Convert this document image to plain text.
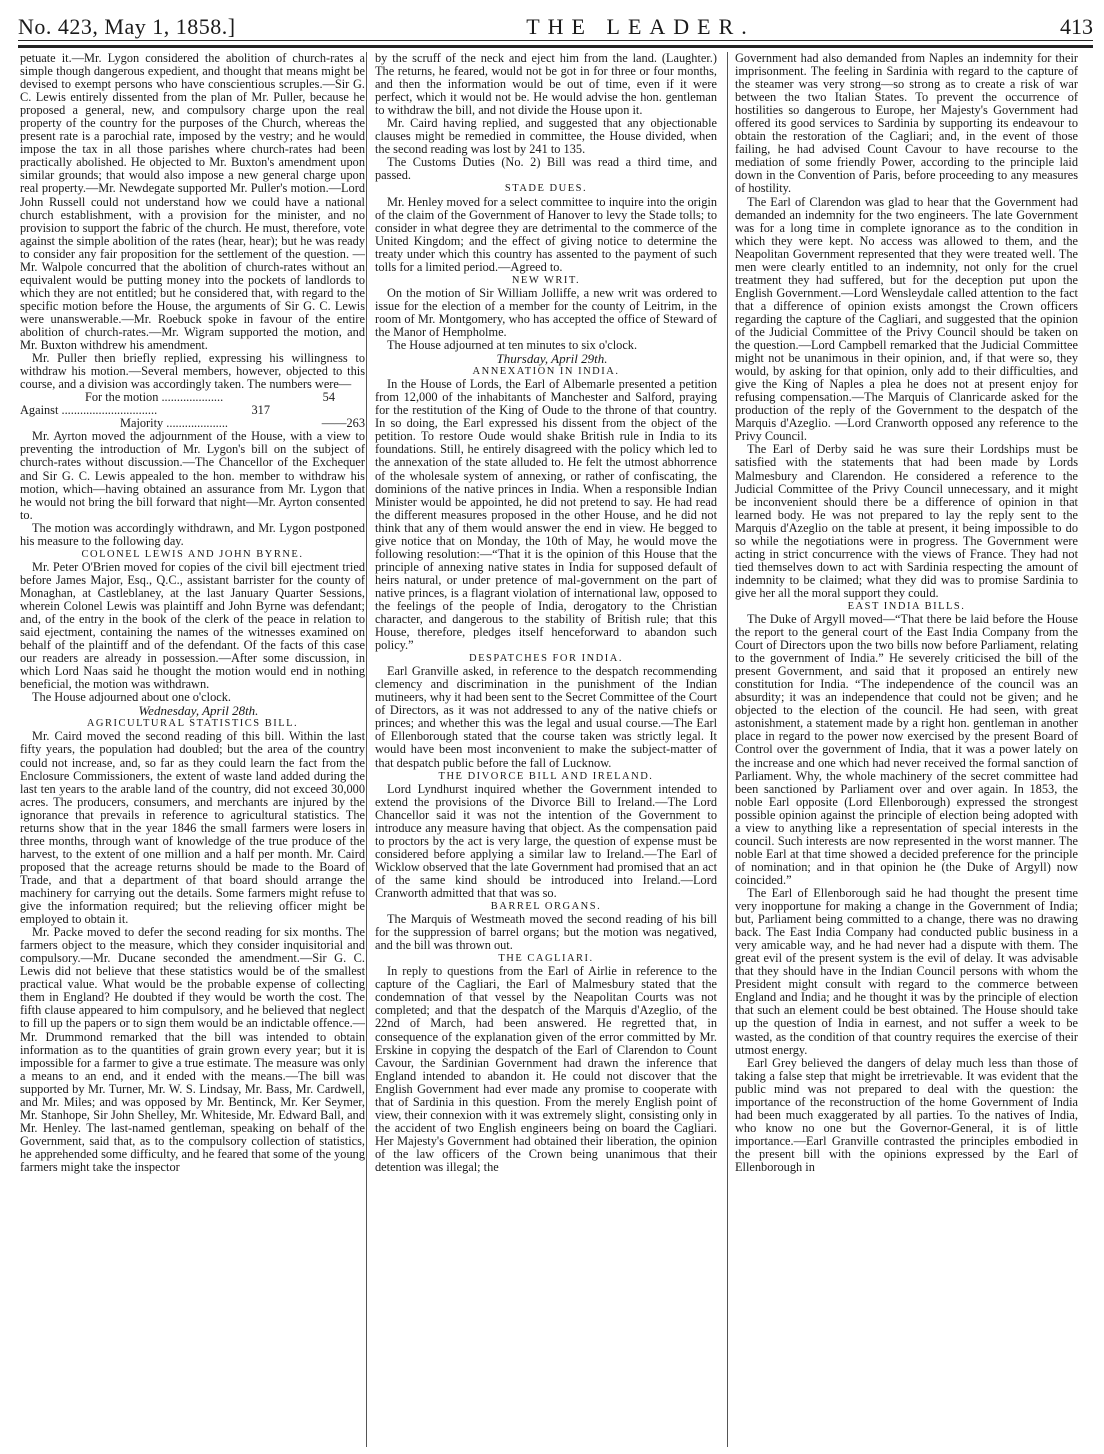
No. 423, May 1, 1858.]	THE LEADER.	413

petuate it.—Mr. Lygon considered the abolition of church-rates a simple though dangerous expedient, and thought that means might be devised to exempt persons who have conscientious scruples.—Sir G. C. Lewis entirely dissented from the plan of Mr. Puller, because he proposed a general, new, and compulsory charge upon the real property of the country for the purposes of the Church, whereas the present rate is a parochial rate, imposed by the vestry; and he would impose the tax in all those parishes where church-rates had been practically abolished. He objected to Mr. Buxton's amendment upon similar grounds; that would also impose a new general charge upon real property.—Mr. Newdegate supported Mr. Puller's motion.—Lord John Russell could not understand how we could have a national church establishment, with a provision for the minister, and no provision to support the fabric of the church. He must, therefore, vote against the simple abolition of the rates (hear, hear); but he was ready to consider any fair proposition for the settlement of the question. —Mr. Walpole concurred that the abolition of church-rates without an equivalent would be putting money into the pockets of landlords to which they are not entitled; but he considered that, with regard to the specific motion before the House, the arguments of Sir G. C. Lewis were unanswerable.—Mr. Roebuck spoke in favour of the entire abolition of church-rates.—Mr. Wigram supported the motion, and Mr. Buxton withdrew his amendment.

Mr. Puller then briefly replied, expressing his willingness to withdraw his motion.—Several members, however, objected to this course, and a division was accordingly taken. The numbers were—

For the motion ....................	54
Against ...............................	317
Majority ....................	——263

Mr. Ayrton moved the adjournment of the House, with a view to preventing the introduction of Mr. Lygon's bill on the subject of church-rates without discussion.—The Chancellor of the Exchequer and Sir G. C. Lewis appealed to the hon. member to withdraw his motion, which—having obtained an assurance from Mr. Lygon that he would not bring the bill forward that night—Mr. Ayrton consented to.

The motion was accordingly withdrawn, and Mr. Lygon postponed his measure to the following day.

COLONEL LEWIS AND JOHN BYRNE.

Mr. Peter O'Brien moved for copies of the civil bill ejectment tried before James Major, Esq., Q.C., assistant barrister for the county of Monaghan, at Castleblaney, at the last January Quarter Sessions, wherein Colonel Lewis was plaintiff and John Byrne was defendant; and, of the entry in the book of the clerk of the peace in relation to said ejectment, containing the names of the witnesses examined on behalf of the plaintiff and of the defendant. Of the facts of this case our readers are already in possession.—After some discussion, in which Lord Naas said he thought the motion would end in nothing beneficial, the motion was withdrawn.

The House adjourned about one o'clock.

Wednesday, April 28th.

AGRICULTURAL STATISTICS BILL.

Mr. Caird moved the second reading of this bill. Within the last fifty years, the population had doubled; but the area of the country could not increase, and, so far as they could learn the fact from the Enclosure Commissioners, the extent of waste land added during the last ten years to the arable land of the country, did not exceed 30,000 acres. The producers, consumers, and merchants are injured by the ignorance that prevails in reference to agricultural statistics. The returns show that in the year 1846 the small farmers were losers in three months, through want of knowledge of the true produce of the harvest, to the extent of one million and a half per month. Mr. Caird proposed that the acreage returns should be made to the Board of Trade, and that a department of that board should arrange the machinery for carrying out the details. Some farmers might refuse to give the information required; but the relieving officer might be employed to obtain it.

Mr. Packe moved to defer the second reading for six months. The farmers object to the measure, which they consider inquisitorial and compulsory.—Mr. Ducane seconded the amendment.—Sir G. C. Lewis did not believe that these statistics would be of the smallest practical value. What would be the probable expense of collecting them in England? He doubted if they would be worth the cost. The fifth clause appeared to him compulsory, and he believed that neglect to fill up the papers or to sign them would be an indictable offence.—Mr. Drummond remarked that the bill was intended to obtain information as to the quantities of grain grown every year; but it is impossible for a farmer to give a true estimate. The measure was only a means to an end, and it ended with the means.—The bill was supported by Mr. Turner, Mr. W. S. Lindsay, Mr. Bass, Mr. Cardwell, and Mr. Miles; and was opposed by Mr. Bentinck, Mr. Ker Seymer, Mr. Stanhope, Sir John Shelley, Mr. Whiteside, Mr. Edward Ball, and Mr. Henley. The last-named gentleman, speaking on behalf of the Government, said that, as to the compulsory collection of statistics, he apprehended some difficulty, and he feared that some of the young farmers might take the inspector

by the scruff of the neck and eject him from the land. (Laughter.) The returns, he feared, would not be got in for three or four months, and then the information would be out of time, even if it were perfect, which it would not be. He would advise the hon. gentleman to withdraw the bill, and not divide the House upon it.

Mr. Caird having replied, and suggested that any objectionable clauses might be remedied in committee, the House divided, when the second reading was lost by 241 to 135.

The Customs Duties (No. 2) Bill was read a third time, and passed.

STADE DUES.

Mr. Henley moved for a select committee to inquire into the origin of the claim of the Government of Hanover to levy the Stade tolls; to consider in what degree they are detrimental to the commerce of the United Kingdom; and the effect of giving notice to determine the treaty under which this country has assented to the payment of such tolls for a limited period.—Agreed to.

NEW WRIT.

On the motion of Sir William Jolliffe, a new writ was ordered to issue for the election of a member for the county of Leitrim, in the room of Mr. Montgomery, who has accepted the office of Steward of the Manor of Hempholme.

The House adjourned at ten minutes to six o'clock.

Thursday, April 29th.

ANNEXATION IN INDIA.

In the House of Lords, the Earl of Albemarle presented a petition from 12,000 of the inhabitants of Manchester and Salford, praying for the restitution of the King of Oude to the throne of that country. In so doing, the Earl expressed his dissent from the object of the petition. To restore Oude would shake British rule in India to its foundations. Still, he entirely disagreed with the policy which led to the annexation of the state alluded to. He felt the utmost abhorrence of the wholesale system of annexing, or rather of confiscating, the dominions of the native princes in India. When a responsible Indian Minister would be appointed, he did not pretend to say. He had read the different measures proposed in the other House, and he did not think that any of them would answer the end in view. He begged to give notice that on Monday, the 10th of May, he would move the following resolution:—“That it is the opinion of this House that the principle of annexing native states in India for supposed default of heirs natural, or under pretence of mal-government on the part of native princes, is a flagrant violation of international law, opposed to the feelings of the people of India, derogatory to the Christian character, and dangerous to the stability of British rule; that this House, therefore, pledges itself henceforward to abandon such policy.”

DESPATCHES FOR INDIA.

Earl Granville asked, in reference to the despatch recommending clemency and discrimination in the punishment of the Indian mutineers, why it had been sent to the Secret Committee of the Court of Directors, as it was not addressed to any of the native chiefs or princes; and whether this was the legal and usual course.—The Earl of Ellenborough stated that the course taken was strictly legal. It would have been most inconvenient to make the subject-matter of that despatch public before the fall of Lucknow.

THE DIVORCE BILL AND IRELAND.

Lord Lyndhurst inquired whether the Government intended to extend the provisions of the Divorce Bill to Ireland.—The Lord Chancellor said it was not the intention of the Government to introduce any measure having that object. As the compensation paid to proctors by the act is very large, the question of expense must be considered before applying a similar law to Ireland.—The Earl of Wicklow observed that the late Government had promised that an act of the same kind should be introduced into Ireland.—Lord Cranworth admitted that that was so.

BARREL ORGANS.

The Marquis of Westmeath moved the second reading of his bill for the suppression of barrel organs; but the motion was negatived, and the bill was thrown out.

THE CAGLIARI.

In reply to questions from the Earl of Airlie in reference to the capture of the Cagliari, the Earl of Malmesbury stated that the condemnation of that vessel by the Neapolitan Courts was not completed; and that the despatch of the Marquis d'Azeglio, of the 22nd of March, had been answered. He regretted that, in consequence of the explanation given of the error committed by Mr. Erskine in copying the despatch of the Earl of Clarendon to Count Cavour, the Sardinian Government had drawn the inference that England intended to abandon it. He could not discover that the English Government had ever made any promise to cooperate with that of Sardinia in this question. From the merely English point of view, their connexion with it was extremely slight, consisting only in the accident of two English engineers being on board the Cagliari. Her Majesty's Government had obtained their liberation, the opinion of the law officers of the Crown being unanimous that their detention was illegal; the

Government had also demanded from Naples an indemnity for their imprisonment. The feeling in Sardinia with regard to the capture of the steamer was very strong—so strong as to create a risk of war between the two Italian States. To prevent the occurrence of hostilities so dangerous to Europe, her Majesty's Government had offered its good services to Sardinia by supporting its endeavour to obtain the restoration of the Cagliari; and, in the event of those failing, he had advised Count Cavour to have recourse to the mediation of some friendly Power, according to the principle laid down in the Convention of Paris, before proceeding to any measures of hostility.

The Earl of Clarendon was glad to hear that the Government had demanded an indemnity for the two engineers. The late Government was for a long time in complete ignorance as to the condition in which they were kept. No access was allowed to them, and the Neapolitan Government represented that they were treated well. The men were clearly entitled to an indemnity, not only for the cruel treatment they had suffered, but for the deception put upon the English Government.—Lord Wensleydale called attention to the fact that a difference of opinion exists amongst the Crown officers regarding the capture of the Cagliari, and suggested that the opinion of the Judicial Committee of the Privy Council should be taken on the question.—Lord Campbell remarked that the Judicial Committee might not be unanimous in their opinion, and, if that were so, they would, by asking for that opinion, only add to their difficulties, and give the King of Naples a plea he does not at present enjoy for refusing compensation.—The Marquis of Clanricarde asked for the production of the reply of the Government to the despatch of the Marquis d'Azeglio. —Lord Cranworth opposed any reference to the Privy Council.

The Earl of Derby said he was sure their Lordships must be satisfied with the statements that had been made by Lords Malmesbury and Clarendon. He considered a reference to the Judicial Committee of the Privy Council unnecessary, and it might be inconvenient should there be a difference of opinion in that learned body. He was not prepared to lay the reply sent to the Marquis d'Azeglio on the table at present, it being impossible to do so while the negotiations were in progress. The Government were acting in strict concurrence with the views of France. They had not tied themselves down to act with Sardinia respecting the amount of indemnity to be claimed; what they did was to promise Sardinia to give her all the moral support they could.

EAST INDIA BILLS.

The Duke of Argyll moved—“That there be laid before the House the report to the general court of the East India Company from the Court of Directors upon the two bills now before Parliament, relating to the government of India.” He severely criticised the bill of the present Government, and said that it proposed an entirely new constitution for India. “The independence of the council was an absurdity; it was an independence that could not be given; and he objected to the election of the council. He had seen, with great astonishment, a statement made by a right hon. gentleman in another place in regard to the power now exercised by the present Board of Control over the government of India, that it was a power lately on the increase and one which had never received the formal sanction of Parliament. Why, the whole machinery of the secret committee had been sanctioned by Parliament over and over again. In 1853, the noble Earl opposite (Lord Ellenborough) expressed the strongest possible opinion against the principle of election being adopted with a view to anything like a representation of special interests in the council. Such interests are now represented in the worst manner. The noble Earl at that time showed a decided preference for the principle of nomination; and in that opinion he (the Duke of Argyll) now coincided.”

The Earl of Ellenborough said he had thought the present time very inopportune for making a change in the Government of India; but, Parliament being committed to a change, there was no drawing back. The East India Company had conducted public business in a very amicable way, and he had never had a dispute with them. The great evil of the present system is the evil of delay. It was advisable that they should have in the Indian Council persons with whom the President might consult with regard to the commerce between England and India; and he thought it was by the principle of election that such an element could be best obtained. The House should take up the question of India in earnest, and not suffer a week to be wasted, as the condition of that country requires the exercise of their utmost energy.

Earl Grey believed the dangers of delay much less than those of taking a false step that might be irretrievable. It was evident that the public mind was not prepared to deal with the question: the importance of the reconstruction of the home Government of India had been much exaggerated by all parties. To the natives of India, who know no one but the Governor-General, it is of little importance.—Earl Granville contrasted the principles embodied in the present bill with the opinions expressed by the Earl of Ellenborough in
